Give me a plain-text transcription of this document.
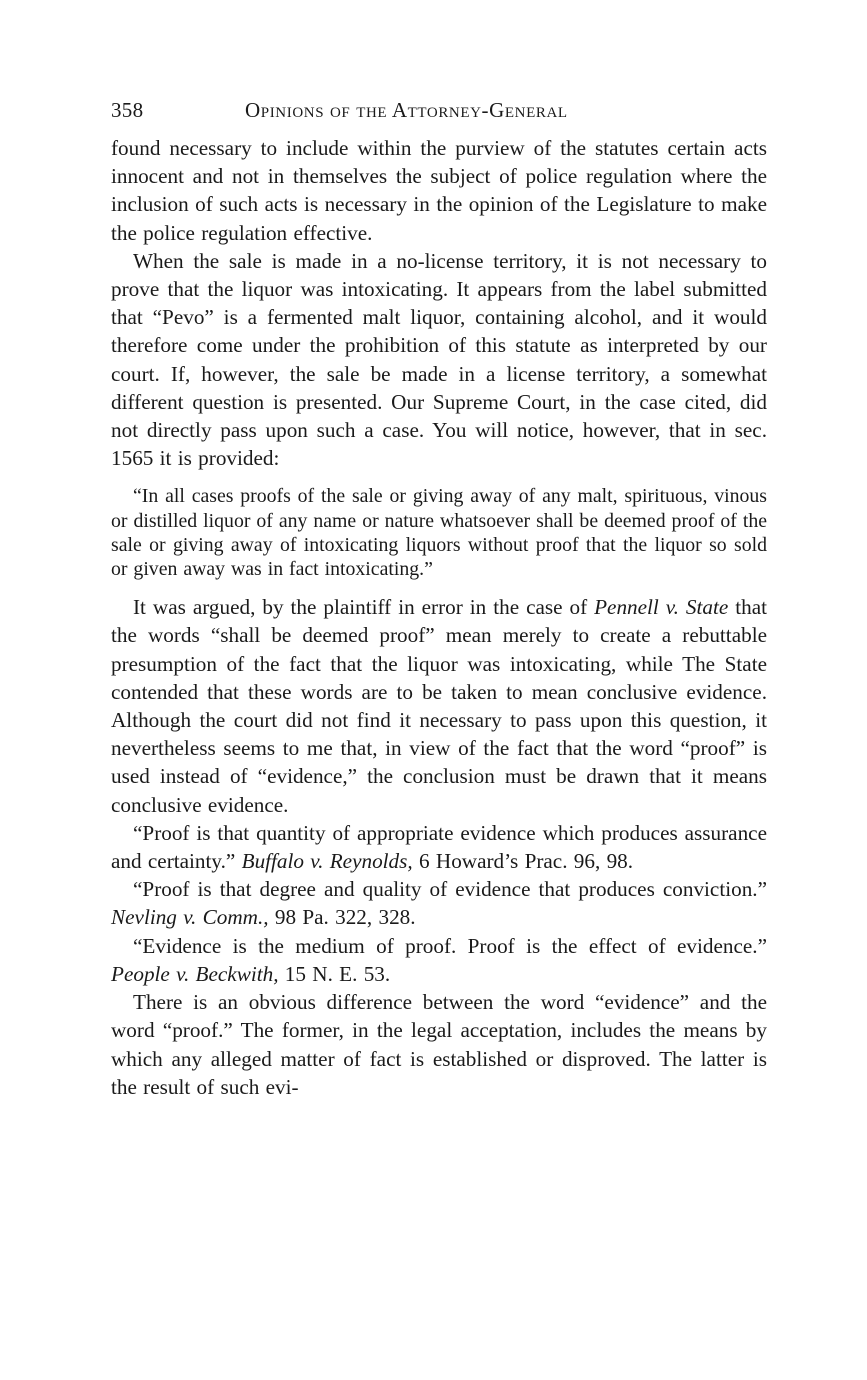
358	Opinions of the Attorney-General

found necessary to include within the purview of the statutes certain acts innocent and not in themselves the subject of police regulation where the inclusion of such acts is necessary in the opinion of the Legislature to make the police regulation effective.

When the sale is made in a no-license territory, it is not necessary to prove that the liquor was intoxicating. It appears from the label submitted that “Pevo” is a fermented malt liquor, containing alcohol, and it would therefore come under the prohibition of this statute as interpreted by our court. If, however, the sale be made in a license territory, a somewhat different question is presented. Our Supreme Court, in the case cited, did not directly pass upon such a case. You will notice, however, that in sec. 1565 it is provided:

“In all cases proofs of the sale or giving away of any malt, spirituous, vinous or distilled liquor of any name or nature whatsoever shall be deemed proof of the sale or giving away of intoxicating liquors without proof that the liquor so sold or given away was in fact intoxicating.”

It was argued, by the plaintiff in error in the case of Pennell v. State that the words “shall be deemed proof” mean merely to create a rebuttable presumption of the fact that the liquor was intoxicating, while The State contended that these words are to be taken to mean conclusive evidence. Although the court did not find it necessary to pass upon this question, it nevertheless seems to me that, in view of the fact that the word “proof” is used instead of “evidence,” the conclusion must be drawn that it means conclusive evidence.

“Proof is that quantity of appropriate evidence which produces assurance and certainty.” Buffalo v. Reynolds, 6 Howard’s Prac. 96, 98.

“Proof is that degree and quality of evidence that produces conviction.” Nevling v. Comm., 98 Pa. 322, 328.

“Evidence is the medium of proof. Proof is the effect of evidence.” People v. Beckwith, 15 N. E. 53.

There is an obvious difference between the word “evidence” and the word “proof.” The former, in the legal acceptation, includes the means by which any alleged matter of fact is established or disproved. The latter is the result of such evi-
